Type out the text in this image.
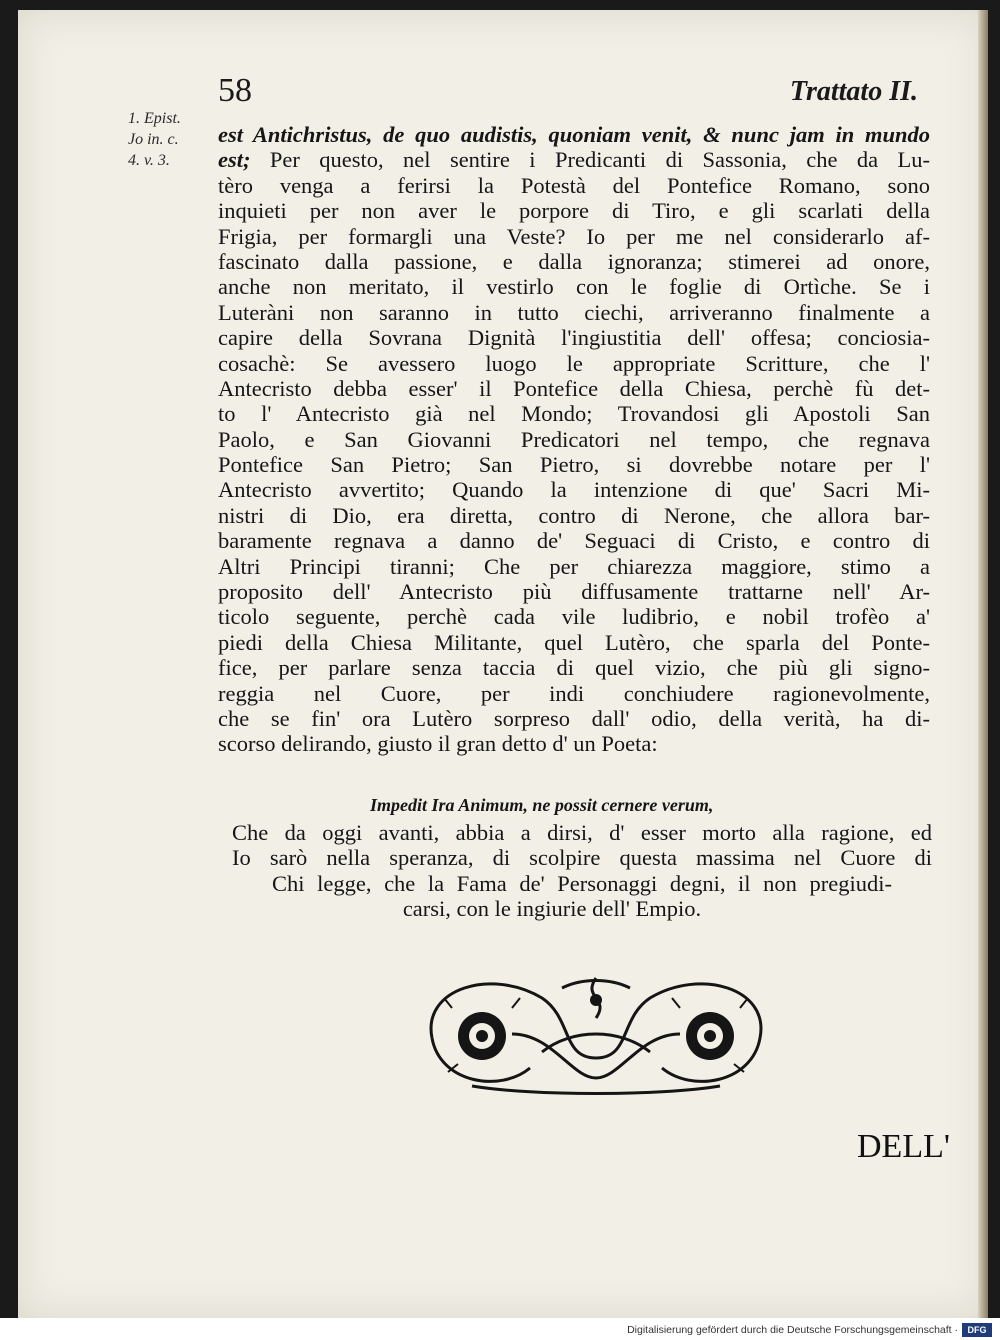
58	Trattato II.
1. Epist.
Jo in. c.
4. v. 3.
est Antichristus, de quo audistis, quoniam venit, & nunc jam in mundo
est; Per questo, nel sentire i Predicanti di Sassonia, che da Lu-
tèro venga a ferirsi la Potestà del Pontefice Romano, sono
inquieti per non aver le porpore di Tiro, e gli scarlati della
Frigia, per formargli una Veste? Io per me nel considerarlo af-
fascinato dalla passione, e dalla ignoranza; stimerei ad onore,
anche non meritato, il vestirlo con le foglie di Ortìche. Se i
Luteràni non saranno in tutto ciechi, arriveranno finalmente a
capire della Sovrana Dignità l'ingiustitia dell' offesa; conciosia-
cosachè: Se avessero luogo le appropriate Scritture, che l'
Antecristo debba esser' il Pontefice della Chiesa, perchè fù det-
to l' Antecristo già nel Mondo; Trovandosi gli Apostoli San
Paolo, e San Giovanni Predicatori nel tempo, che regnava
Pontefice San Pietro; San Pietro, si dovrebbe notare per l'
Antecristo avvertito; Quando la intenzione di que' Sacri Mi-
nistri di Dio, era diretta, contro di Nerone, che allora bar-
baramente regnava a danno de' Seguaci di Cristo, e contro di
Altri Principi tiranni; Che per chiarezza maggiore, stimo a
proposito dell' Antecristo più diffusamente trattarne nell' Ar-
ticolo seguente, perchè cada vile ludibrio, e nobil trofèo a'
piedi della Chiesa Militante, quel Lutèro, che sparla del Ponte-
fice, per parlare senza taccia di quel vizio, che più gli signo-
reggia nel Cuore, per indi conchiudere ragionevolmente,
che se fin' ora Lutèro sorpreso dall' odio, della verità, ha di-
scorso delirando, giusto il gran detto d' un Poeta:
Impedit Ira Animum, ne possit cernere verum,
Che da oggi avanti, abbia a dirsi, d' esser morto alla ragione, ed
Io sarò nella speranza, di scolpire questa massima nel Cuore di
Chi legge, che la Fama de' Personaggi degni, il non pregiudi-
carsi, con le ingiurie dell' Empio.
DELL'
Digitalisierung gefördert durch die Deutsche Forschungsgemeinschaft ·	DFG
